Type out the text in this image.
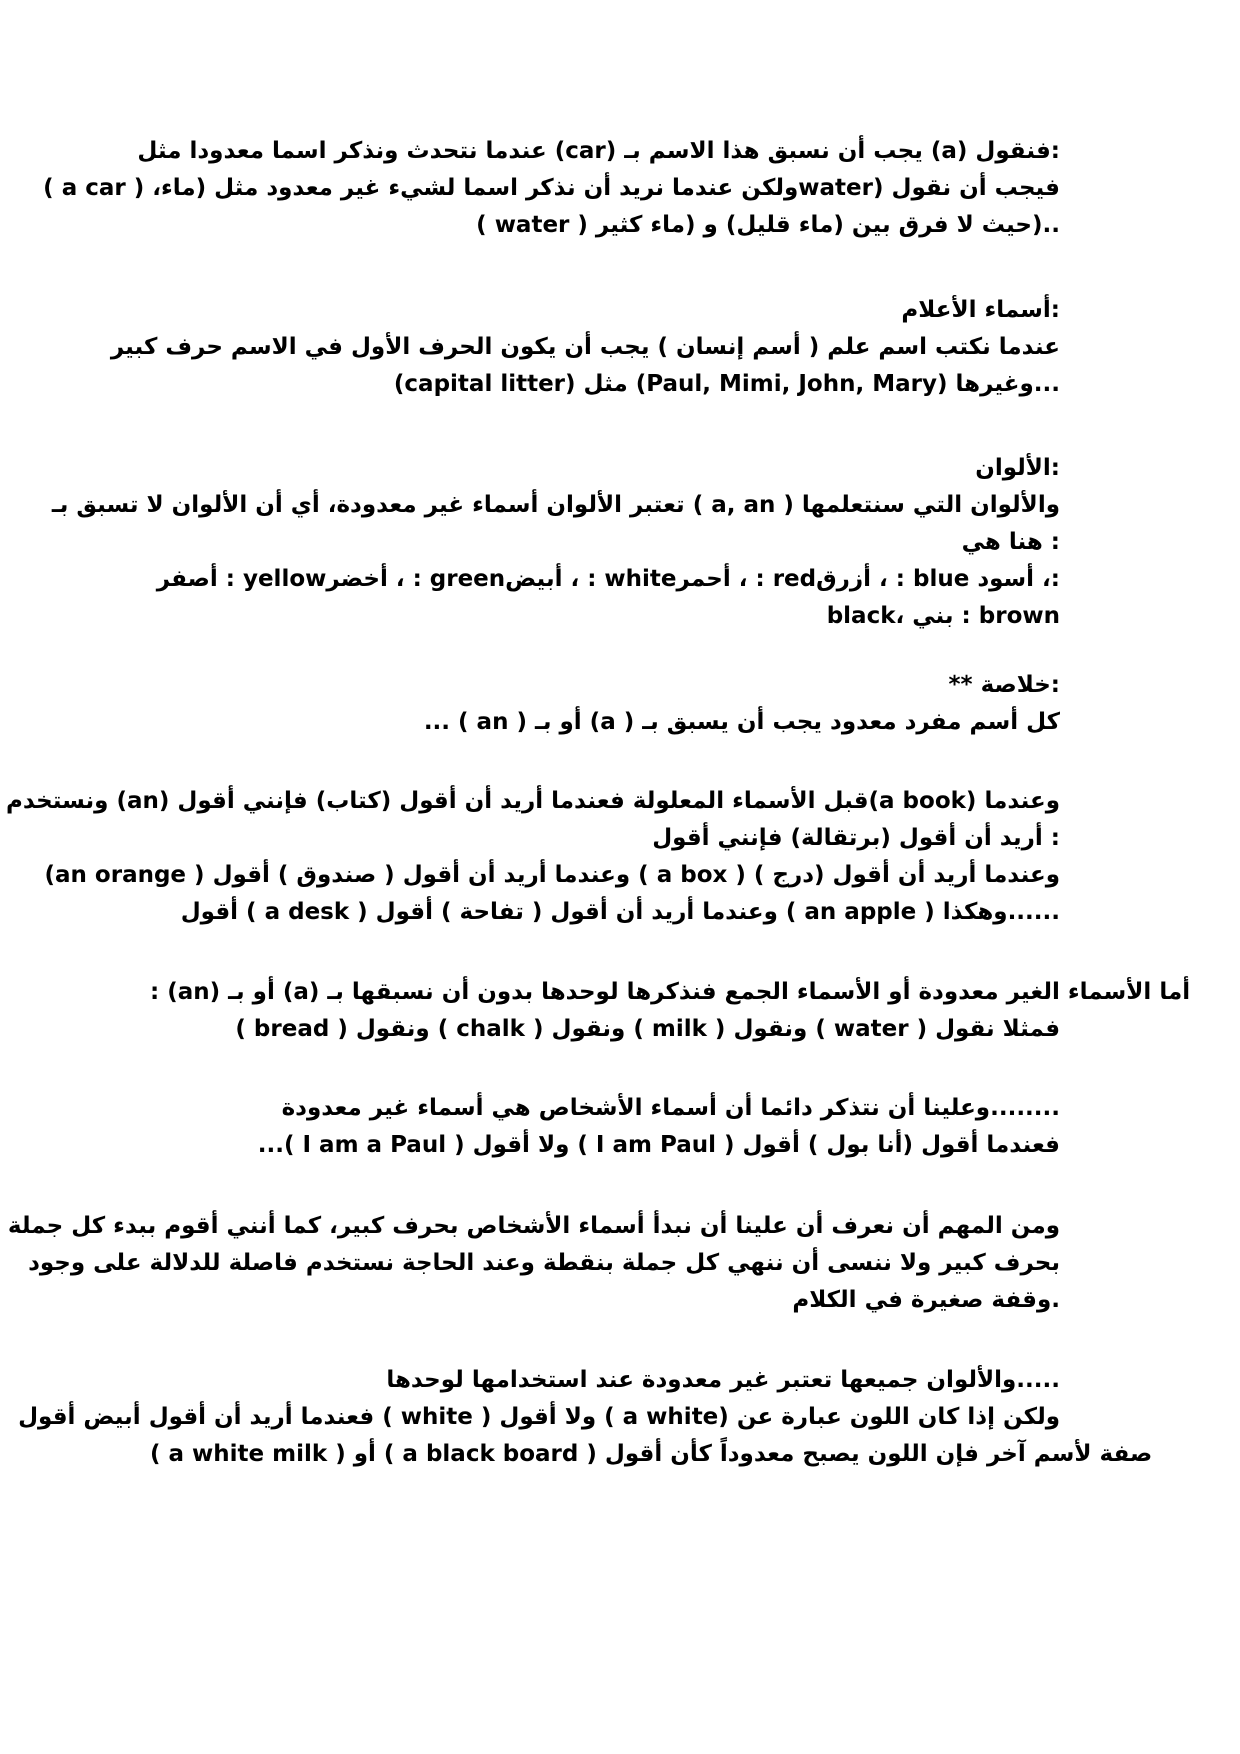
:فنقول (a) يجب أن نسبق هذا الاسم بـ (car) عندما نتحدث ونذكر اسما معدودا مثل
فيجب أن نقول (waterولكن عندما نريد أن نذكر اسما لشيء غير معدود مثل (ماء، ( a car )
..(حيث لا فرق بين (ماء قليل) و (ماء كثير ( water )
:أسماء الأعلام
عندما نكتب اسم علم ( أسم إنسان ) يجب أن يكون الحرف الأول في الاسم حرف كبير
...وغيرها (Paul, Mimi, John, Mary) مثل (capital litter)
:الألوان
والألوان التي سنتعلمها ( a, an ) تعتبر الألوان أسماء غير معدودة، أي أن الألوان لا تسبق بـ
: هنا هي
:، أسود blue : ، أزرقred : ، أحمرwhite : ، أبيضgreen : ، أخضرyellow : أصفر
black، بني : brown
:خلاصة **
... ( an ) أو بـ (a ) كل أسم مفرد معدود يجب أن يسبق بـ
وعندما (a book)قبل الأسماء المعلولة فعندما أريد أن أقول (كتاب) فإنني أقول (an) ونستخدم
: أريد أن أقول (برتقالة) فإنني أقول
وعندما أريد أن أقول (درج ) ( a box ) وعندما أريد أن أقول ( صندوق ) أقول ( an orange)
......وهكذا ( an apple ) وعندما أريد أن أقول ( تفاحة ) أقول ( a desk ) أقول
: (an) أو بـ (a) أما الأسماء الغير معدودة أو الأسماء الجمع فنذكرها لوحدها بدون أن نسبقها بـ
( bread ) ونقول ( chalk ) ونقول ( milk ) ونقول ( water ) فمثلا نقول
........وعلينا أن نتذكر دائما أن أسماء الأشخاص هي أسماء غير معدودة
...( I am a Paul ) ولا أقول ( I am Paul ) فعندما أقول (أنا بول ) أقول
ومن المهم أن نعرف أن علينا أن نبدأ أسماء الأشخاص بحرف كبير، كما أنني أقوم ببدء كل جملة
بحرف كبير ولا ننسى أن ننهي كل جملة بنقطة وعند الحاجة نستخدم فاصلة للدلالة على وجود
.وقفة صغيرة في الكلام
.....والألوان جميعها تعتبر غير معدودة عند استخدامها لوحدها
ولكن إذا كان اللون عبارة عن (a white ) ولا أقول ( white ) فعندما أريد أن أقول أبيض أقول
( a white milk ) أو ( a black board ) صفة لأسم آخر فإن اللون يصبح معدوداً كأن أقول
